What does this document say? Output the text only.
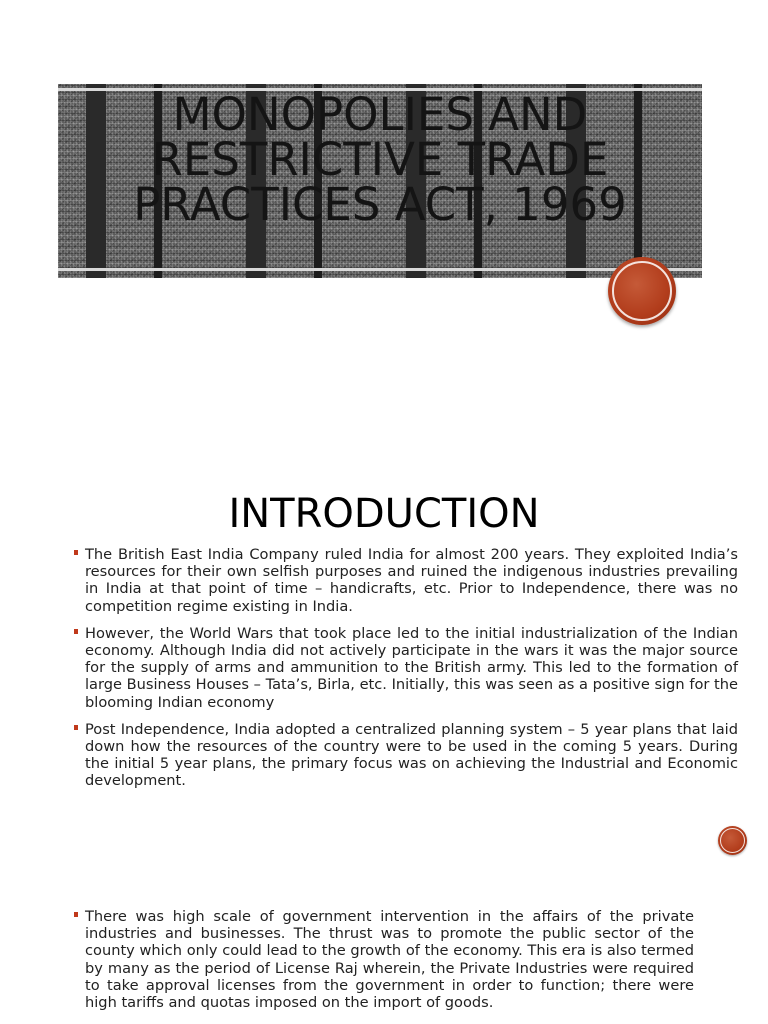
MONOPOLIES AND
RESTRICTIVE TRADE
PRACTICES ACT, 1969
INTRODUCTION
The British East India Company ruled India for almost 200 years. They exploited India’s resources for their own selfish purposes and ruined the indigenous industries prevailing in India at that point of time – handicrafts, etc. Prior to Independence, there was no competition regime existing in India.
However, the World Wars that took place led to the initial industrialization of the Indian economy. Although India did not actively participate in the wars it was the major source for the supply of arms and ammunition to the British army. This led to the formation of large Business Houses – Tata’s, Birla, etc. Initially, this was seen as a positive sign for the blooming Indian economy
Post Independence, India adopted a centralized planning system – 5 year plans that laid down how the resources of the country were to be used in the coming 5 years. During the initial 5 year plans, the primary focus was on achieving the Industrial and Economic development.
There was high scale of government intervention in the affairs of the private industries and businesses. The thrust was to promote the public sector of the county which only could lead to the growth of the economy. This era is also termed by many as the period of License Raj wherein, the Private Industries were required to take approval licenses from the government in order to function; there were high tariffs and quotas imposed on the import of goods.
